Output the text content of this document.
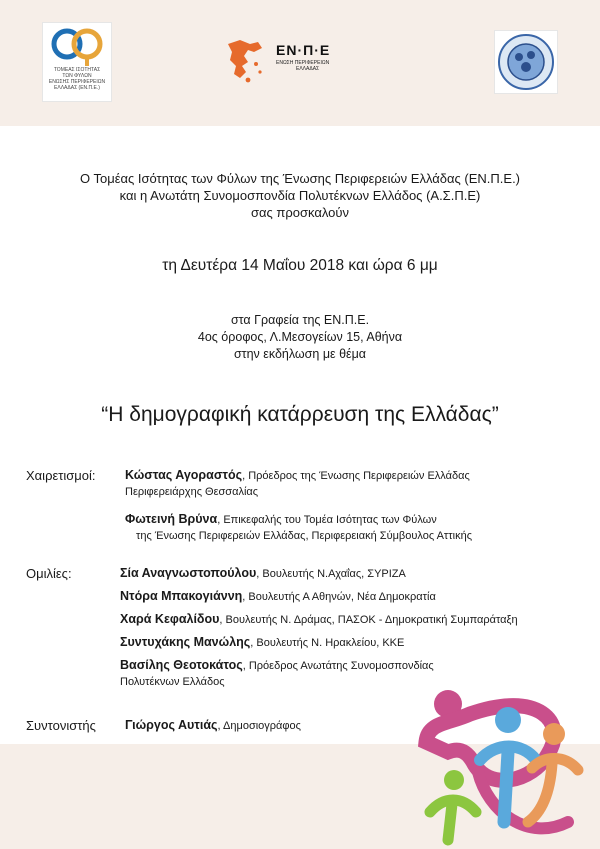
ΤΟΜΕΑΣ ΙΣΟΤΗΤΑΣ
ΤΩΝ ΦΥΛΩΝ
ΕΝΩΣΗΣ ΠΕΡΙΦΕΡΕΙΩΝ
ΕΛΛΑΔΑΣ (ΕΝ.Π.Ε.)
ΕΝ·Π·Ε
ΕΝΩΣΗ ΠΕΡΙΦΕΡΕΙΩΝ
ΕΛΛΑΔΑΣ
Ο Τομέας Ισότητας των Φύλων της Ένωσης Περιφερειών Ελλάδας (ΕΝ.Π.Ε.)
και η Ανωτάτη Συνομοσπονδία Πολυτέκνων Ελλάδος (Α.Σ.Π.Ε)
σας προσκαλούν
τη Δευτέρα 14 Μαΐου 2018 και ώρα 6 μμ
στα Γραφεία της ΕΝ.Π.Ε.
4ος όροφος, Λ.Μεσογείων 15, Αθήνα
στην εκδήλωση με θέμα
“Η δημογραφική κατάρρευση της Ελλάδας”
Χαιρετισμοί: Κώστας Αγοραστός, Πρόεδρος της Ένωσης Περιφερειών Ελλάδας
Περιφερειάρχης Θεσσαλίας
Φωτεινή Βρύνα, Επικεφαλής του Τομέα Ισότητας των Φύλων
της Ένωσης Περιφερειών Ελλάδας, Περιφερειακή Σύμβουλος Αττικής
Ομιλίες:	Σία Αναγνωστοπούλου, Βουλευτής Ν.Αχαΐας, ΣΥΡΙΖΑ
Ντόρα Μπακογιάννη, Βουλευτής Α Αθηνών, Νέα Δημοκρατία
Χαρά Κεφαλίδου, Βουλευτής Ν. Δράμας, ΠΑΣΟΚ - Δημοκρατική Συμπαράταξη
Συντυχάκης Μανώλης, Βουλευτής Ν. Ηρακλείου, ΚΚΕ
Βασίλης Θεοτοκάτος, Πρόεδρος Ανωτάτης Συνομοσπονδίας
Πολυτέκνων Ελλάδος
Συντονιστής Γιώργος Αυτιάς, Δημοσιογράφος
